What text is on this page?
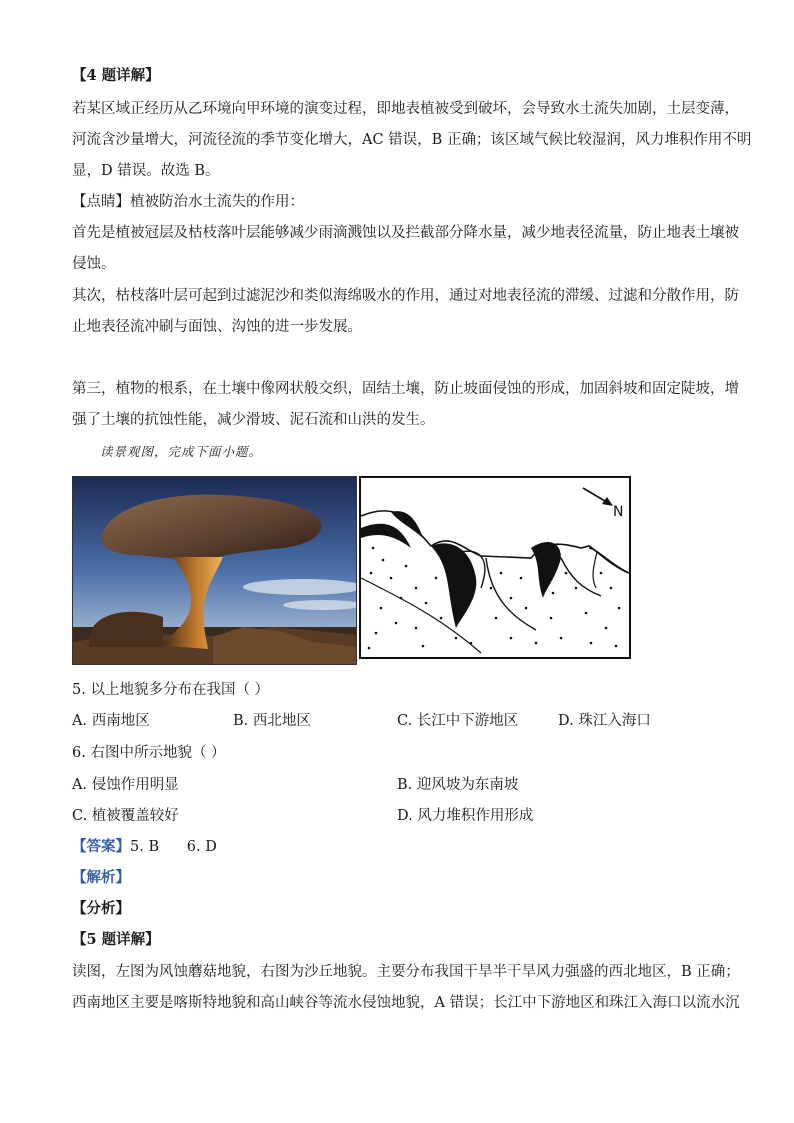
【4 题详解】
若某区域正经历从乙环境向甲环境的演变过程，即地表植被受到破坏，会导致水土流失加剧，土层变薄，
河流含沙量增大，河流径流的季节变化增大，AC 错误，B 正确；该区域气候比较湿润，风力堆积作用不明
显，D 错误。故选 B。
【点睛】植被防治水土流失的作用：
首先是植被冠层及枯枝落叶层能够减少雨滴溅蚀以及拦截部分降水量，减少地表径流量，防止地表土壤被
侵蚀。
其次，枯枝落叶层可起到过滤泥沙和类似海绵吸水的作用，通过对地表径流的滞缓、过滤和分散作用，防
止地表径流冲刷与面蚀、沟蚀的进一步发展。
第三，植物的根系，在土壤中像网状般交织，固结土壤，防止坡面侵蚀的形成，加固斜坡和固定陡坡，增
强了土壤的抗蚀性能，减少滑坡、泥石流和山洪的发生。
读景观图，完成下面小题。
N
5. 以上地貌多分布在我国（ ）
A. 西南地区	B. 西北地区	C. 长江中下游地区	D. 珠江入海口
6. 右图中所示地貌（ ）
A. 侵蚀作用明显	B. 迎风坡为东南坡
C. 植被覆盖较好	D. 风力堆积作用形成
【答案】5. B      6. D
【解析】
【分析】
【5 题详解】
读图，左图为风蚀蘑菇地貌，右图为沙丘地貌。主要分布我国干旱半干旱风力强盛的西北地区，B 正确；
西南地区主要是喀斯特地貌和高山峡谷等流水侵蚀地貌，A 错误；长江中下游地区和珠江入海口以流水沉
